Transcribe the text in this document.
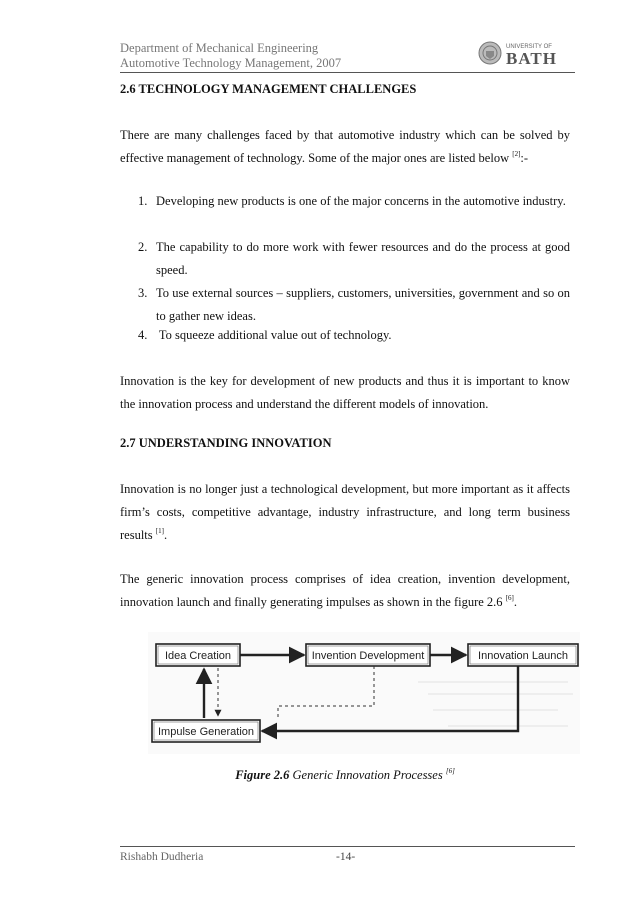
Department of Mechanical Engineering
Automotive Technology Management, 2007
UNIVERSITY OF
BATH
2.6 TECHNOLOGY MANAGEMENT CHALLENGES
There are many challenges faced by that automotive industry which can be solved by effective management of technology. Some of the major ones are listed below [2]:-
1. Developing new products is one of the major concerns in the automotive industry.
2. The capability to do more work with fewer resources and do the process at good speed.
3. To use external sources – suppliers, customers, universities, government and so on to gather new ideas.
4. To squeeze additional value out of technology.
Innovation is the key for development of new products and thus it is important to know the innovation process and understand the different models of innovation.
2.7 UNDERSTANDING INNOVATION
Innovation is no longer just a technological development, but more important as it affects firm’s costs, competitive advantage, industry infrastructure, and long term business results [1].
The generic innovation process comprises of idea creation, invention development, innovation launch and finally generating impulses as shown in the figure 2.6 [6].
Idea Creation	Invention Development	Innovation Launch
Impulse Generation
Figure 2.6 Generic Innovation Processes [6]
Rishabh Dudheria	-14-
